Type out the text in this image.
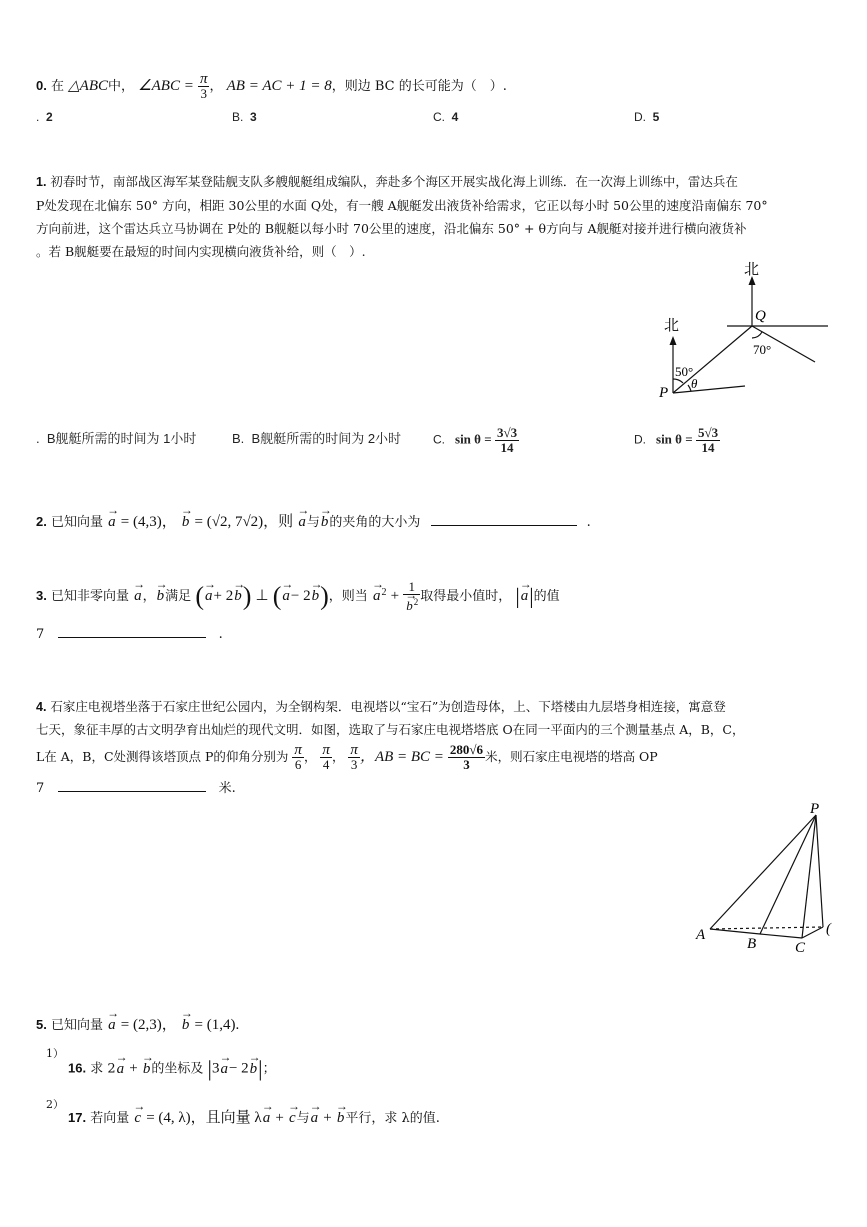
0. 在 △ABC中， ∠ABC = $\frac{\pi}{3}$ ， AB = AC + 1 = 8，则边 BC 的长可能为（　）.
. 2	B. 3	C. 4	D. 5
1. 初春时节，南部战区海军某登陆舰支队多艘舰艇组成编队，奔赴多个海区开展实战化海上训练．在一次海上训练中，雷达兵在
P处发现在北偏东 50° 方向，相距 30公里的水面 Q处，有一艘 A舰艇发出液货补给需求，它正以每小时 50公里的速度沿南偏东 70°
方向前进，这个雷达兵立马协调在 P处的 B舰艇以每小时 70公里的速度，沿北偏东 50° + θ方向与 A舰艇对接并进行横向液货补
。若 B舰艇要在最短的时间内实现横向液货补给，则（　）.
北
北
Q
P
50°
θ
70°
. B舰艇所需的时间为 1小时	B. B舰艇所需的时间为 2小时	C. $\sin \theta = \frac{3√3}{14}$	D. $\sin \theta = \frac{5√3}{14}$
2. 已知向量 → a = (4,3)， → b = (√2, 7√2)，则 → a与→ b的夹角的大小为	.
3. 已知非零向量 → a，→ b满足 (→ a+ 2→ b) ⊥ (→ a− 2→ b)，则当 → $a^2 + 1$
→ $b^2$ 取得最小值时， |→ a|的值
7	.
4. 石家庄电视塔坐落于石家庄世纪公园内，为全钢构架．电视塔以“宝石”为创造母体，上、下塔楼由九层塔身相连接，寓意登
七天，象征丰厚的古文明孕育出灿烂的现代文明．如图，选取了与石家庄电视塔塔底 O在同一平面内的三个测量基点 A，B，C，
L在 A，B，C处测得该塔顶点 P的仰角分别为 $\frac{\pi}{6}$ ， $\frac{\pi}{4}$ ， $\frac{\pi}{3}$ ，AB = BC = $\frac{280√6}{3}$ 米，则石家庄电视塔的塔高 OP
7	米.
P
A
B	C
(
5. 已知向量 → a = (2,3)， → b = (1,4).
1）
16. 求 2→ a + → b的坐标及 |3→ a− 2→ b|；
2）
17. 若向量 → c = (4, λ)，且向量 λ→ a + → c与→ a + → b平行，求 λ的值.
